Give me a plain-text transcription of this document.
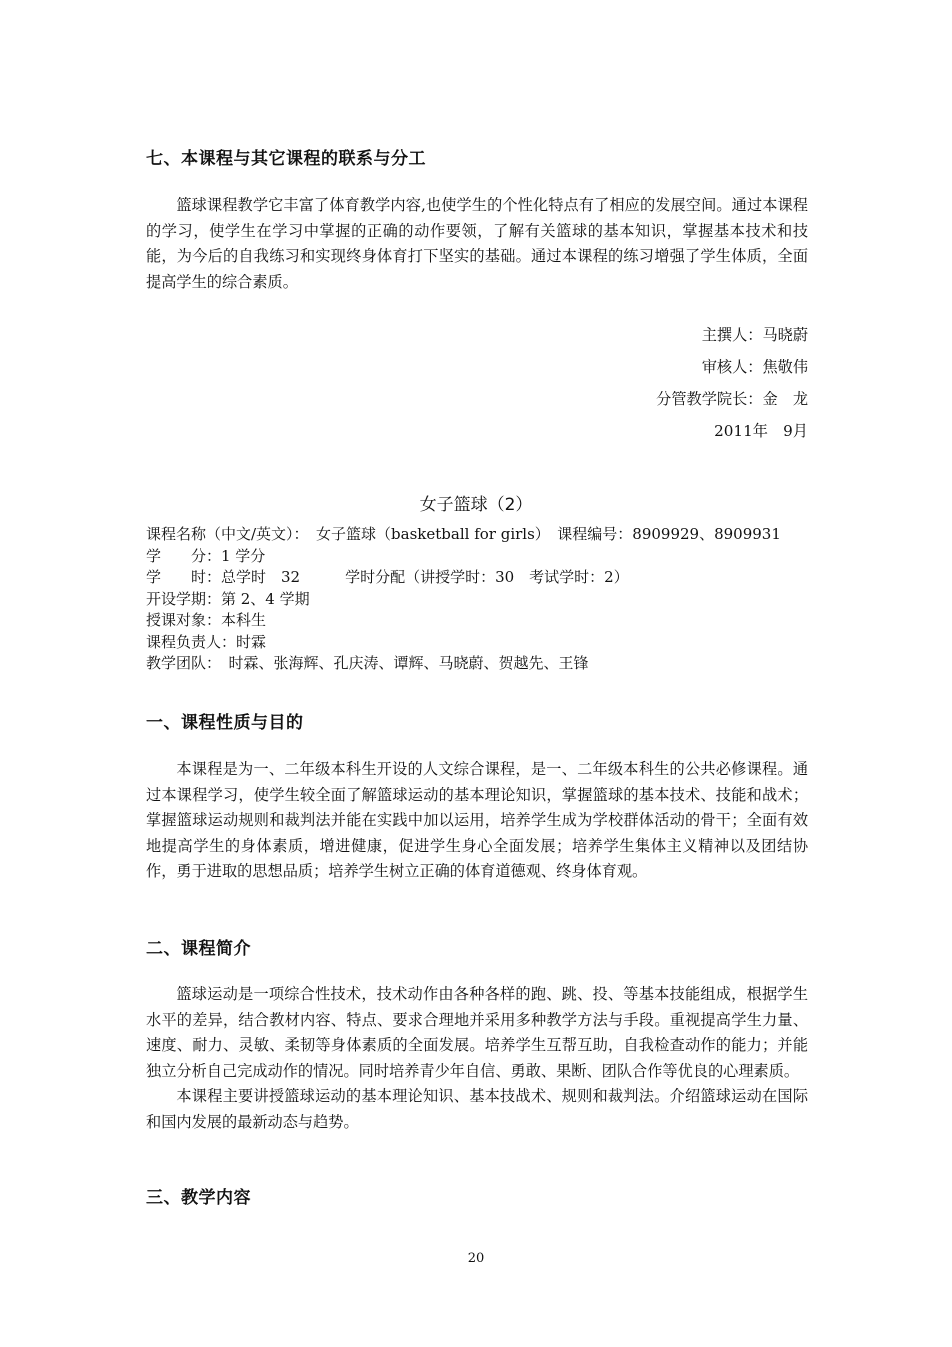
七、本课程与其它课程的联系与分工

篮球课程教学它丰富了体育教学内容,也使学生的个性化特点有了相应的发展空间。通过本课程的学习，使学生在学习中掌握的正确的动作要领，了解有关篮球的基本知识，掌握基本技术和技能，为今后的自我练习和实现终身体育打下坚实的基础。通过本课程的练习增强了学生体质，全面提高学生的综合素质。

主撰人：马晓蔚
审核人：焦敬伟
分管教学院长：金　龙
2011年　9月
女子篮球（2）
课程名称（中文/英文）：　女子篮球（basketball for girls）　课程编号：8909929、8909931
学　　分：1 学分
学　　时：总学时　32　　　学时分配（讲授学时：30　考试学时：2）
开设学期：第 2、4 学期
授课对象：本科生
课程负责人：时霖
教学团队：　时霖、张海辉、孔庆涛、谭辉、马晓蔚、贺越先、王锋
一、课程性质与目的

本课程是为一、二年级本科生开设的人文综合课程，是一、二年级本科生的公共必修课程。通过本课程学习，使学生较全面了解篮球运动的基本理论知识，掌握篮球的基本技术、技能和战术；掌握篮球运动规则和裁判法并能在实践中加以运用，培养学生成为学校群体活动的骨干；全面有效地提高学生的身体素质，增进健康，促进学生身心全面发展；培养学生集体主义精神以及团结协作，勇于进取的思想品质；培养学生树立正确的体育道德观、终身体育观。

二、课程简介

篮球运动是一项综合性技术，技术动作由各种各样的跑、跳、投、等基本技能组成，根据学生水平的差异，结合教材内容、特点、要求合理地并采用多种教学方法与手段。重视提高学生力量、速度、耐力、灵敏、柔韧等身体素质的全面发展。培养学生互帮互助，自我检查动作的能力；并能独立分析自己完成动作的情况。同时培养青少年自信、勇敢、果断、团队合作等优良的心理素质。

本课程主要讲授篮球运动的基本理论知识、基本技战术、规则和裁判法。介绍篮球运动在国际和国内发展的最新动态与趋势。

三、教学内容
20
